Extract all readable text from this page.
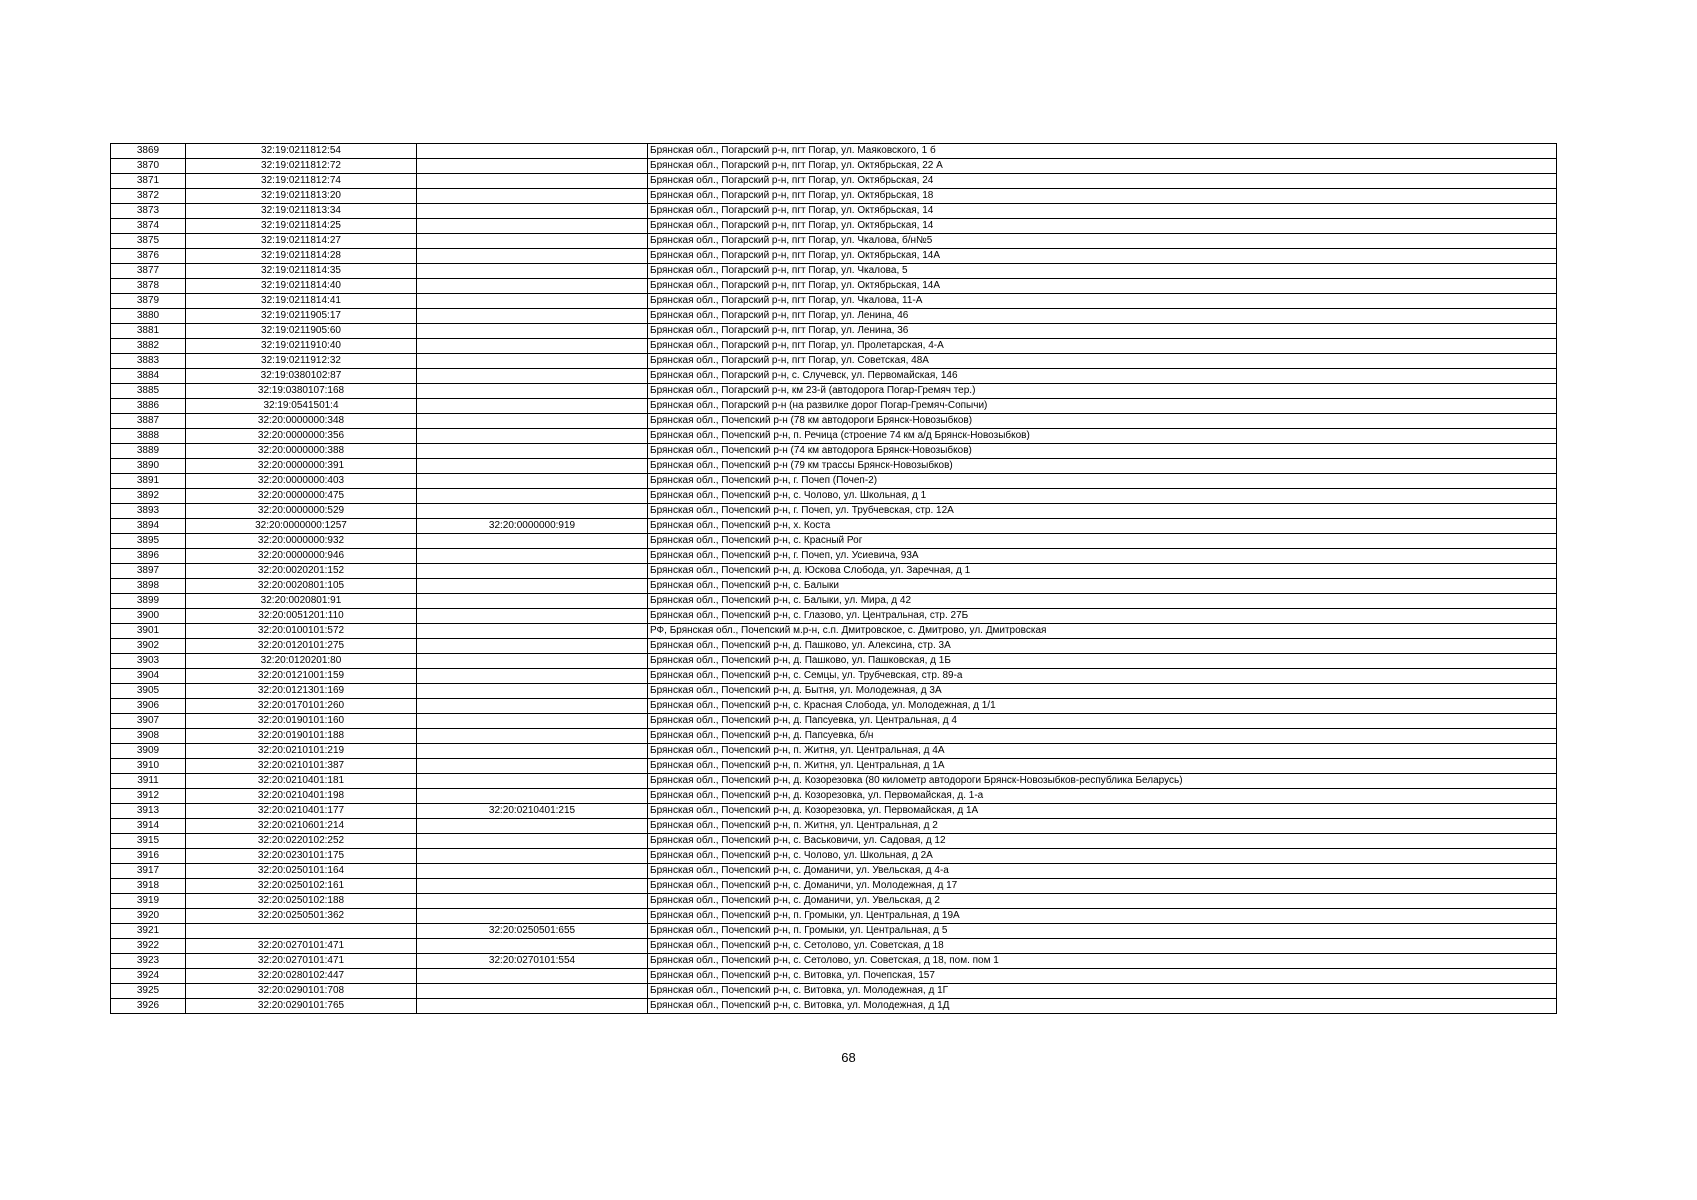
3869	32:19:0211812:54		Брянская обл., Погарский р-н, пгт Погар, ул. Маяковского, 1 б
3870	32:19:0211812:72		Брянская обл., Погарский р-н, пгт Погар, ул. Октябрьская, 22 А
3871	32:19:0211812:74		Брянская обл., Погарский р-н, пгт Погар, ул. Октябрьская, 24
3872	32:19:0211813:20		Брянская обл., Погарский р-н, пгт Погар, ул. Октябрьская, 18
3873	32:19:0211813:34		Брянская обл., Погарский р-н, пгт Погар, ул. Октябрьская, 14
3874	32:19:0211814:25		Брянская обл., Погарский р-н, пгт Погар, ул. Октябрьская, 14
3875	32:19:0211814:27		Брянская обл., Погарский р-н, пгт Погар, ул. Чкалова, б/н№5
3876	32:19:0211814:28		Брянская обл., Погарский р-н, пгт Погар, ул. Октябрьская, 14А
3877	32:19:0211814:35		Брянская обл., Погарский р-н, пгт Погар, ул. Чкалова, 5
3878	32:19:0211814:40		Брянская обл., Погарский р-н, пгт Погар, ул. Октябрьская, 14А
3879	32:19:0211814:41		Брянская обл., Погарский р-н, пгт Погар, ул. Чкалова, 11-А
3880	32:19:0211905:17		Брянская обл., Погарский р-н, пгт Погар, ул. Ленина, 46
3881	32:19:0211905:60		Брянская обл., Погарский р-н, пгт Погар, ул. Ленина, 36
3882	32:19:0211910:40		Брянская обл., Погарский р-н, пгт Погар, ул. Пролетарская, 4-А
3883	32:19:0211912:32		Брянская обл., Погарский р-н, пгт Погар, ул. Советская, 48А
3884	32:19:0380102:87		Брянская обл., Погарский р-н, с. Случевск, ул. Первомайская, 146
3885	32:19:0380107:168		Брянская обл., Погарский р-н, км 23-й (автодорога Погар-Гремяч тер.)
3886	32:19:0541501:4		Брянская обл., Погарский р-н (на развилке дорог Погар-Гремяч-Сопычи)
3887	32:20:0000000:348		Брянская обл., Почепский р-н (78 км автодороги Брянск-Новозыбков)
3888	32:20:0000000:356		Брянская обл., Почепский р-н, п. Речица (строение 74 км а/д Брянск-Новозыбков)
3889	32:20:0000000:388		Брянская обл., Почепский р-н (74 км автодорога Брянск-Новозыбков)
3890	32:20:0000000:391		Брянская обл., Почепский р-н (79 км трассы Брянск-Новозыбков)
3891	32:20:0000000:403		Брянская обл., Почепский р-н, г. Почеп (Почеп-2)
3892	32:20:0000000:475		Брянская обл., Почепский р-н, с. Чолово, ул. Школьная, д 1
3893	32:20:0000000:529		Брянская обл., Почепский р-н, г. Почеп, ул. Трубчевская, стр. 12А
3894	32:20:0000000:1257	32:20:0000000:919	Брянская обл., Почепский р-н, х. Коста
3895	32:20:0000000:932		Брянская обл., Почепский р-н, с. Красный Рог
3896	32:20:0000000:946		Брянская обл., Почепский р-н, г. Почеп, ул. Усиевича, 93А
3897	32:20:0020201:152		Брянская обл., Почепский р-н, д. Юскова Слобода, ул. Заречная, д 1
3898	32:20:0020801:105		Брянская обл., Почепский р-н, с. Балыки
3899	32:20:0020801:91		Брянская обл., Почепский р-н, с. Балыки, ул. Мира, д 42
3900	32:20:0051201:110		Брянская обл., Почепский р-н, с. Глазово, ул. Центральная, стр. 27Б
3901	32:20:0100101:572		РФ, Брянская обл., Почепский м.р-н, с.п. Дмитровское, с. Дмитрово, ул. Дмитровская
3902	32:20:0120101:275		Брянская обл., Почепский р-н, д. Пашково, ул. Алексина, стр. 3А
3903	32:20:0120201:80		Брянская обл., Почепский р-н, д. Пашково, ул. Пашковская, д 1Б
3904	32:20:0121001:159		Брянская обл., Почепский р-н, с. Семцы, ул. Трубчевская, стр. 89-а
3905	32:20:0121301:169		Брянская обл., Почепский р-н, д. Бытня, ул. Молодежная, д 3А
3906	32:20:0170101:260		Брянская обл., Почепский р-н, с. Красная Слобода, ул. Молодежная, д 1/1
3907	32:20:0190101:160		Брянская обл., Почепский р-н, д. Папсуевка, ул. Центральная, д 4
3908	32:20:0190101:188		Брянская обл., Почепский р-н, д. Папсуевка, б/н
3909	32:20:0210101:219		Брянская обл., Почепский р-н, п. Житня, ул. Центральная, д 4А
3910	32:20:0210101:387		Брянская обл., Почепский р-н, п. Житня, ул. Центральная, д 1А
3911	32:20:0210401:181		Брянская обл., Почепский р-н, д. Козорезовка (80 километр автодороги Брянск-Новозыбков-республика Беларусь)
3912	32:20:0210401:198		Брянская обл., Почепский р-н, д. Козорезовка, ул. Первомайская, д. 1-а
3913	32:20:0210401:177	32:20:0210401:215	Брянская обл., Почепский р-н, д. Козорезовка, ул. Первомайская, д 1А
3914	32:20:0210601:214		Брянская обл., Почепский р-н, п. Житня, ул. Центральная, д 2
3915	32:20:0220102:252		Брянская обл., Почепский р-н, с. Васьковичи, ул. Садовая, д 12
3916	32:20:0230101:175		Брянская обл., Почепский р-н, с. Чолово, ул. Школьная, д 2А
3917	32:20:0250101:164		Брянская обл., Почепский р-н, с. Доманичи, ул. Увельская, д 4-а
3918	32:20:0250102:161		Брянская обл., Почепский р-н, с. Доманичи, ул. Молодежная, д 17
3919	32:20:0250102:188		Брянская обл., Почепский р-н, с. Доманичи, ул. Увельская, д 2
3920	32:20:0250501:362		Брянская обл., Почепский р-н, п. Громыки, ул. Центральная, д 19А
3921		32:20:0250501:655	Брянская обл., Почепский р-н, п. Громыки, ул. Центральная, д 5
3922	32:20:0270101:471		Брянская обл., Почепский р-н, с. Сетолово, ул. Советская, д 18
3923	32:20:0270101:471	32:20:0270101:554	Брянская обл., Почепский р-н, с. Сетолово, ул. Советская, д 18, пом. пом 1
3924	32:20:0280102:447		Брянская обл., Почепский р-н, с. Витовка, ул. Почепская, 157
3925	32:20:0290101:708		Брянская обл., Почепский р-н, с. Витовка, ул. Молодежная, д 1Г
3926	32:20:0290101:765		Брянская обл., Почепский р-н, с. Витовка, ул. Молодежная, д 1Д
68
